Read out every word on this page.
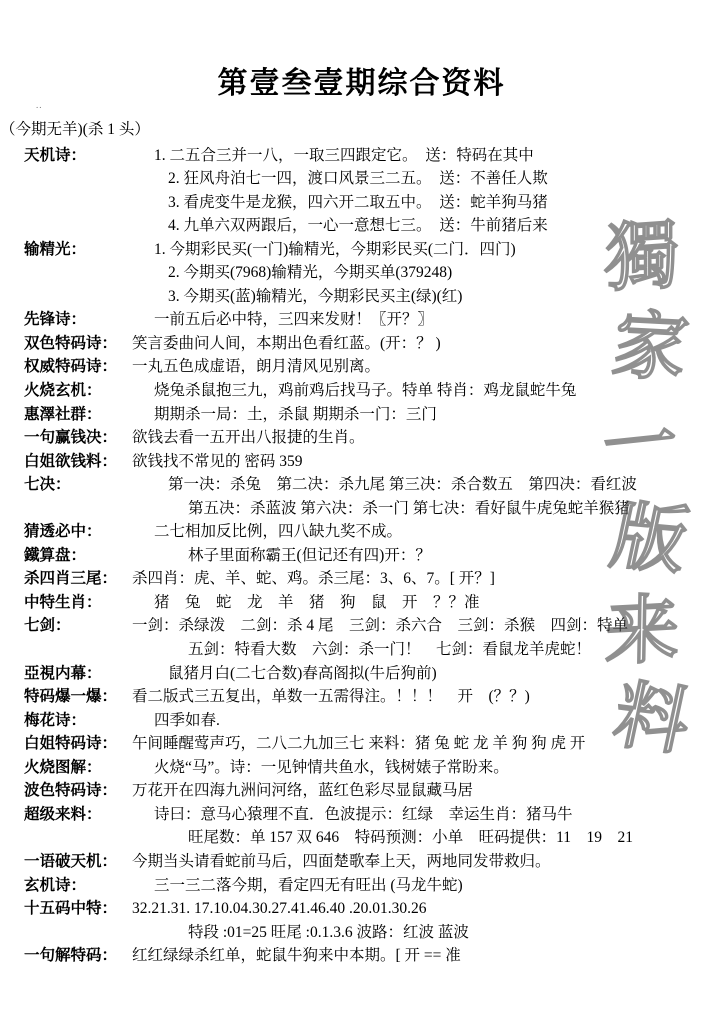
..
第壹叁壹期综合资料
獨
家
一
版
来
料
（今期无羊)(杀 1 头）
天机诗：	1. 二五合三并一八，一取三四跟定它。　送：特码在其中
2. 狂风舟泊七一四，渡口风景三二五。　送：不善任人欺
3. 看虎变牛是龙猴，四六开二取五中。　送：蛇羊狗马猪
4. 九单六双两跟后，一心一意想七三。　送：牛前猪后来
输精光：	1. 今期彩民买(一门)输精光，今期彩民买(二门．四门)
2. 今期买(7968)输精光，今期买单(379248)
3. 今期买(蓝)输精光，今期彩民买主(绿)(红)
先锋诗：	一前五后必中特，三四来发财！〖开？〗
双色特码诗： 笑言委曲问人间，本期出色看红蓝。(开：？ )
权威特码诗： 一丸五色成虚语，朗月清风见别离。
火烧玄机：	烧兔杀鼠抱三九，鸡前鸡后找马子。特单 特肖：鸡龙鼠蛇牛兔
惠澤社群：	期期杀一局：土，杀鼠 期期杀一门：三门
一句赢钱决： 欲钱去看一五开出八报捷的生肖。
白姐欲钱料： 欲钱找不常见的 密码 359
七决：	第一决：杀兔　第二决：杀九尾 第三决：杀合数五　第四决：看红波
第五决：杀蓝波 第六决：杀一门 第七决：看好鼠牛虎兔蛇羊猴猪
猜透必中：	二七相加反比例，四八缺九奖不成。
鐵算盘：	林子里面称霸王(但记还有四)开：？
杀四肖三尾： 杀四肖：虎、羊、蛇、鸡。杀三尾：3、6、7。[ 开？]
中特生肖：	猪　兔　蛇　龙　羊　猪　狗　鼠　开　？？准
七剑：	一剑：杀绿泼　二剑：杀 4 尾　三剑：杀六合　三剑：杀猴　四剑：特单
五剑：特看大数　六剑：杀一门！　七剑：看鼠龙羊虎蛇！
亞視内幕：	鼠猪月白(二七合数)春高阁拟(牛后狗前)
特码爆一爆： 看二版式三五复出，单数一五需得注。！！！　开　(？？)
梅花诗：	四季如春.
白姐特码诗： 午间睡醒莺声巧，二八二九加三七 来料：猪 兔 蛇 龙 羊 狗 狗 虎 开
火烧图解：	火烧“马”。诗：一见钟情共鱼水，钱树婊子常盼来。
波色特码诗： 万花开在四海九洲问河络，蓝红色彩尽显鼠藏马居
超级来料：	诗曰：意马心猿理不直．色波提示：红绿　幸运生肖：猪马牛
旺尾数：单 157 双 646　特码预测：小单　旺码提供：11　19　21
一语破天机： 今期当头请看蛇前马后，四面楚歌奉上天，两地同发带救归。
玄机诗：	三一三二落今期，看定四无有旺出 (马龙牛蛇)
十五码中特： 32.21.31. 17.10.04.30.27.41.46.40 .20.01.30.26
特段 :01=25 旺尾 :0.1.3.6 波路：红波 蓝波
一句解特码： 红红绿绿杀红单，蛇鼠牛狗来中本期。[ 开 == 准
